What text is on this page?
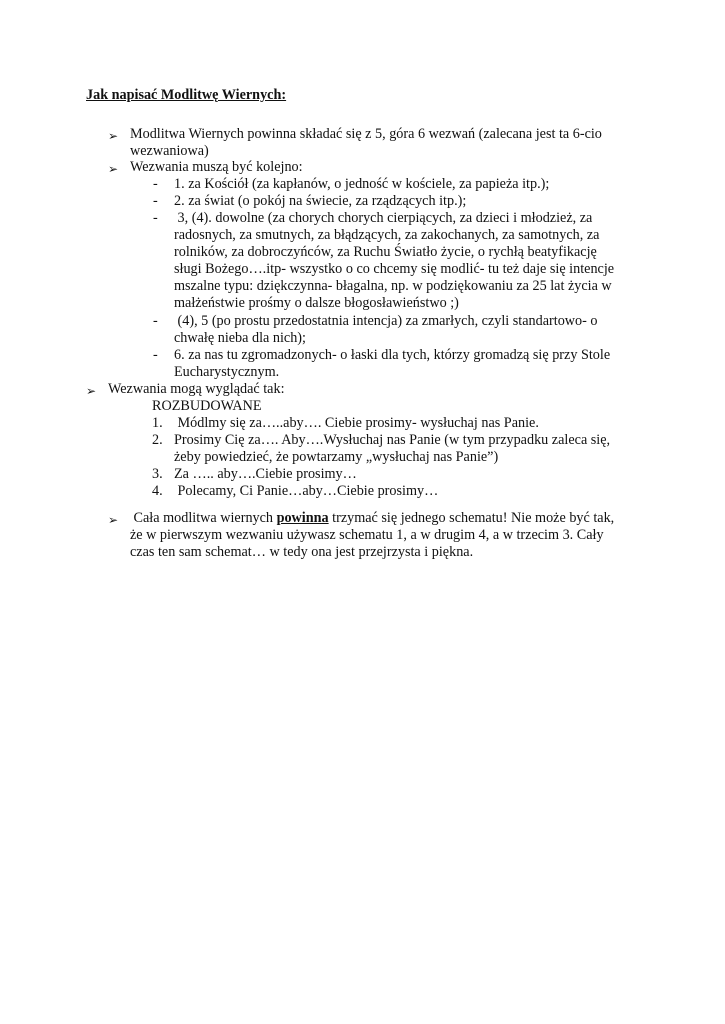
Jak napisać Modlitwę Wiernych:
➢ Modlitwa Wiernych powinna składać się z 5, góra 6 wezwań (zalecana jest ta 6-cio
wezwaniowa)
➢ Wezwania muszą być kolejno:
- 1. za Kościół (za kapłanów, o jedność w kościele, za papieża itp.);
- 2. za świat (o pokój na świecie, za rządzących itp.);
- 3, (4). dowolne (za chorych chorych cierpiących, za dzieci i młodzież, za
radosnych, za smutnych, za błądzących, za zakochanych, za samotnych, za
rolników, za dobroczyńców, za Ruchu Światło życie, o rychłą beatyfikację
sługi Bożego….itp- wszystko o co chcemy się modlić- tu też daje się intencje
mszalne typu: dziękczynna- błagalna, np. w podziękowaniu za 25 lat życia w
małżeństwie prośmy o dalsze błogosławieństwo ;)
- (4), 5 (po prostu przedostatnia intencja) za zmarłych, czyli standartowo- o
chwałę nieba dla nich);
- 6. za nas tu zgromadzonych- o łaski dla tych, którzy gromadzą się przy Stole
Eucharystycznym.
➢ Wezwania mogą wyglądać tak:
ROZBUDOWANE
1. Módlmy się za…..aby…. Ciebie prosimy- wysłuchaj nas Panie.
2. Prosimy Cię za…. Aby….Wysłuchaj nas Panie (w tym przypadku zaleca się,
żeby powiedzieć, że powtarzamy „wysłuchaj nas Panie”)
3. Za ….. aby….Ciebie prosimy…
4. Polecamy, Ci Panie…aby…Ciebie prosimy…
➢ Cała modlitwa wiernych powinna trzymać się jednego schematu! Nie może być tak,
że w pierwszym wezwaniu używasz schematu 1, a w drugim 4, a w trzecim 3. Cały
czas ten sam schemat… w tedy ona jest przejrzysta i piękna.
